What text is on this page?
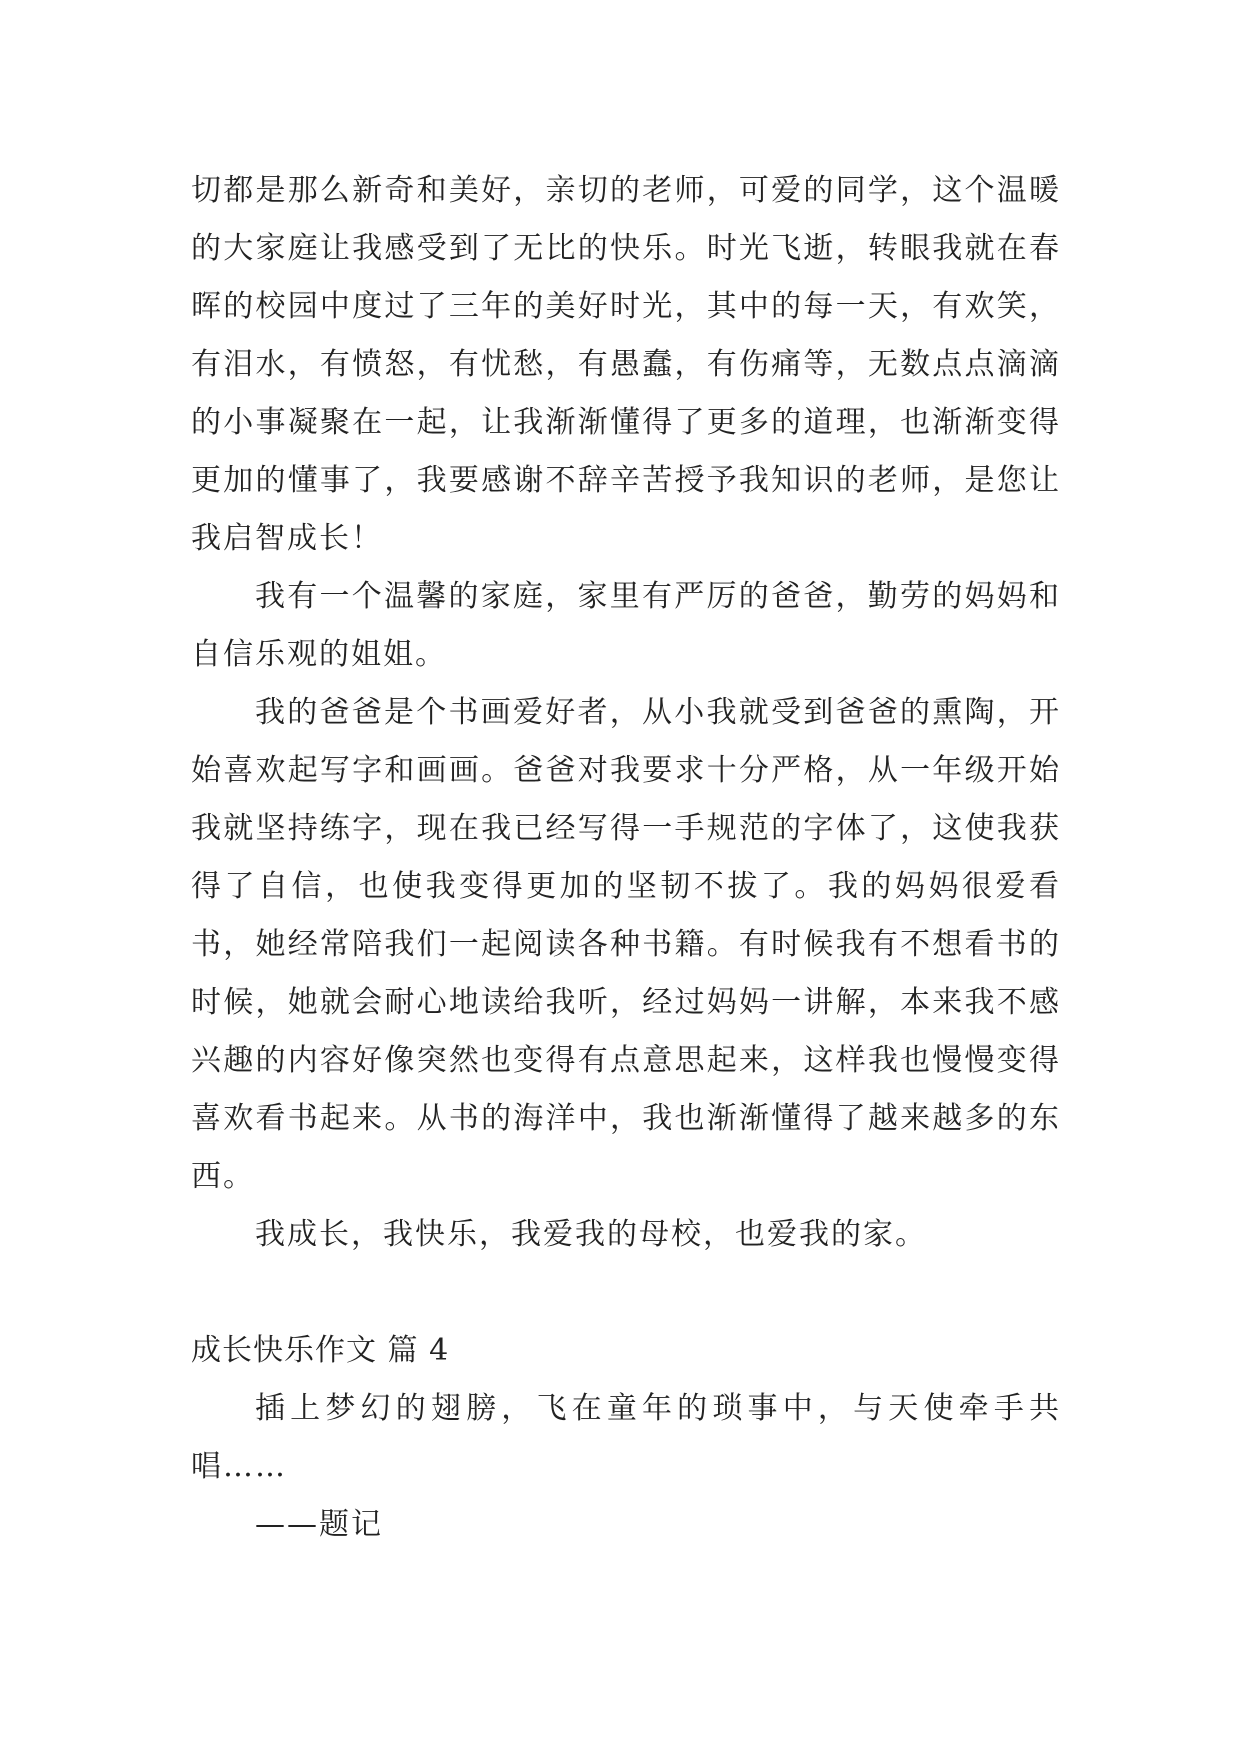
切都是那么新奇和美好，亲切的老师，可爱的同学，这个温暖的大家庭让我感受到了无比的快乐。时光飞逝，转眼我就在春晖的校园中度过了三年的美好时光，其中的每一天，有欢笑，有泪水，有愤怒，有忧愁，有愚蠢，有伤痛等，无数点点滴滴的小事凝聚在一起，让我渐渐懂得了更多的道理，也渐渐变得更加的懂事了，我要感谢不辞辛苦授予我知识的老师，是您让我启智成长！

我有一个温馨的家庭，家里有严厉的爸爸，勤劳的妈妈和自信乐观的姐姐。

我的爸爸是个书画爱好者，从小我就受到爸爸的熏陶，开始喜欢起写字和画画。爸爸对我要求十分严格，从一年级开始我就坚持练字，现在我已经写得一手规范的字体了，这使我获得了自信，也使我变得更加的坚韧不拔了。我的妈妈很爱看书，她经常陪我们一起阅读各种书籍。有时候我有不想看书的时候，她就会耐心地读给我听，经过妈妈一讲解，本来我不感兴趣的内容好像突然也变得有点意思起来，这样我也慢慢变得喜欢看书起来。从书的海洋中，我也渐渐懂得了越来越多的东西。

我成长，我快乐，我爱我的母校，也爱我的家。

成长快乐作文 篇 4

插上梦幻的翅膀，飞在童年的琐事中，与天使牵手共唱……

——题记
